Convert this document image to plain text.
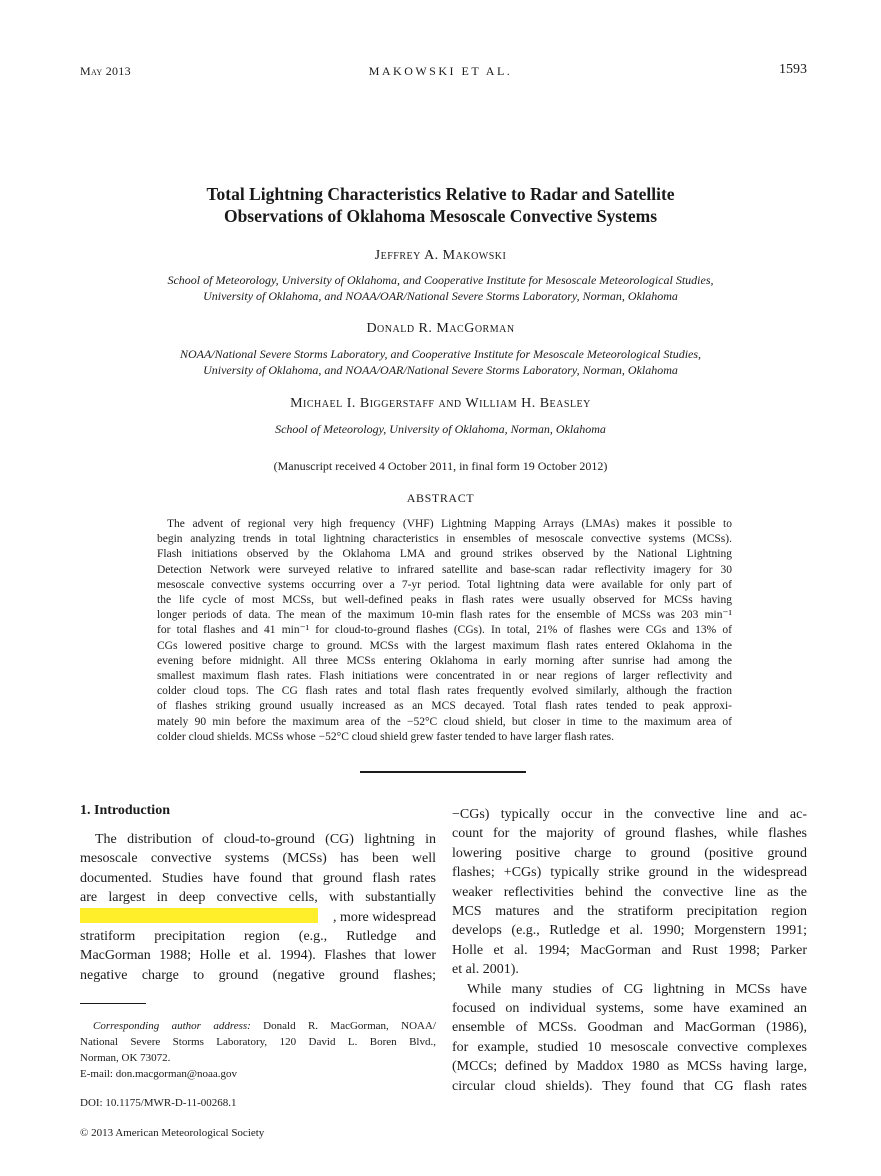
May 2013	MAKOWSKI ET AL.	1593
Total Lightning Characteristics Relative to Radar and Satellite
Observations of Oklahoma Mesoscale Convective Systems
Jeffrey A. Makowski
School of Meteorology, University of Oklahoma, and Cooperative Institute for Mesoscale Meteorological Studies,
University of Oklahoma, and NOAA/OAR/National Severe Storms Laboratory, Norman, Oklahoma
Donald R. MacGorman
NOAA/National Severe Storms Laboratory, and Cooperative Institute for Mesoscale Meteorological Studies,
University of Oklahoma, and NOAA/OAR/National Severe Storms Laboratory, Norman, Oklahoma
Michael I. Biggerstaff and William H. Beasley
School of Meteorology, University of Oklahoma, Norman, Oklahoma
(Manuscript received 4 October 2011, in final form 19 October 2012)
ABSTRACT
The advent of regional very high frequency (VHF) Lightning Mapping Arrays (LMAs) makes it possible to
begin analyzing trends in total lightning characteristics in ensembles of mesoscale convective systems (MCSs).
Flash initiations observed by the Oklahoma LMA and ground strikes observed by the National Lightning
Detection Network were surveyed relative to infrared satellite and base-scan radar reflectivity imagery for 30
mesoscale convective systems occurring over a 7-yr period. Total lightning data were available for only part of
the life cycle of most MCSs, but well-defined peaks in flash rates were usually observed for MCSs having
longer periods of data. The mean of the maximum 10-min flash rates for the ensemble of MCSs was 203 min⁻¹
for total flashes and 41 min⁻¹ for cloud-to-ground flashes (CGs). In total, 21% of flashes were CGs and 13% of
CGs lowered positive charge to ground. MCSs with the largest maximum flash rates entered Oklahoma in the
evening before midnight. All three MCSs entering Oklahoma in early morning after sunrise had among the
smallest maximum flash rates. Flash initiations were concentrated in or near regions of larger reflectivity and
colder cloud tops. The CG flash rates and total flash rates frequently evolved similarly, although the fraction
of flashes striking ground usually increased as an MCS decayed. Total flash rates tended to peak approxi-
mately 90 min before the maximum area of the −52°C cloud shield, but closer in time to the maximum area of
colder cloud shields. MCSs whose −52°C cloud shield grew faster tended to have larger flash rates.
1. Introduction
The distribution of cloud-to-ground (CG) lightning in
mesoscale convective systems (MCSs) has been well
documented. Studies have found that ground flash rates
are largest in deep convective cells, with substantially
, more widespread
stratiform precipitation region (e.g., Rutledge and
MacGorman 1988; Holle et al. 1994). Flashes that lower
negative charge to ground (negative ground flashes;
−CGs) typically occur in the convective line and ac-
count for the majority of ground flashes, while flashes
lowering positive charge to ground (positive ground
flashes; +CGs) typically strike ground in the widespread
weaker reflectivities behind the convective line as the
MCS matures and the stratiform precipitation region
develops (e.g., Rutledge et al. 1990; Morgenstern 1991;
Holle et al. 1994; MacGorman and Rust 1998; Parker
et al. 2001).
While many studies of CG lightning in MCSs have
focused on individual systems, some have examined an
ensemble of MCSs. Goodman and MacGorman (1986),
for example, studied 10 mesoscale convective complexes
(MCCs; defined by Maddox 1980 as MCSs having large,
circular cloud shields). They found that CG flash rates
Corresponding author address: Donald R. MacGorman, NOAA/
National Severe Storms Laboratory, 120 David L. Boren Blvd.,
Norman, OK 73072.
E-mail: don.macgorman@noaa.gov
DOI: 10.1175/MWR-D-11-00268.1
© 2013 American Meteorological Society
